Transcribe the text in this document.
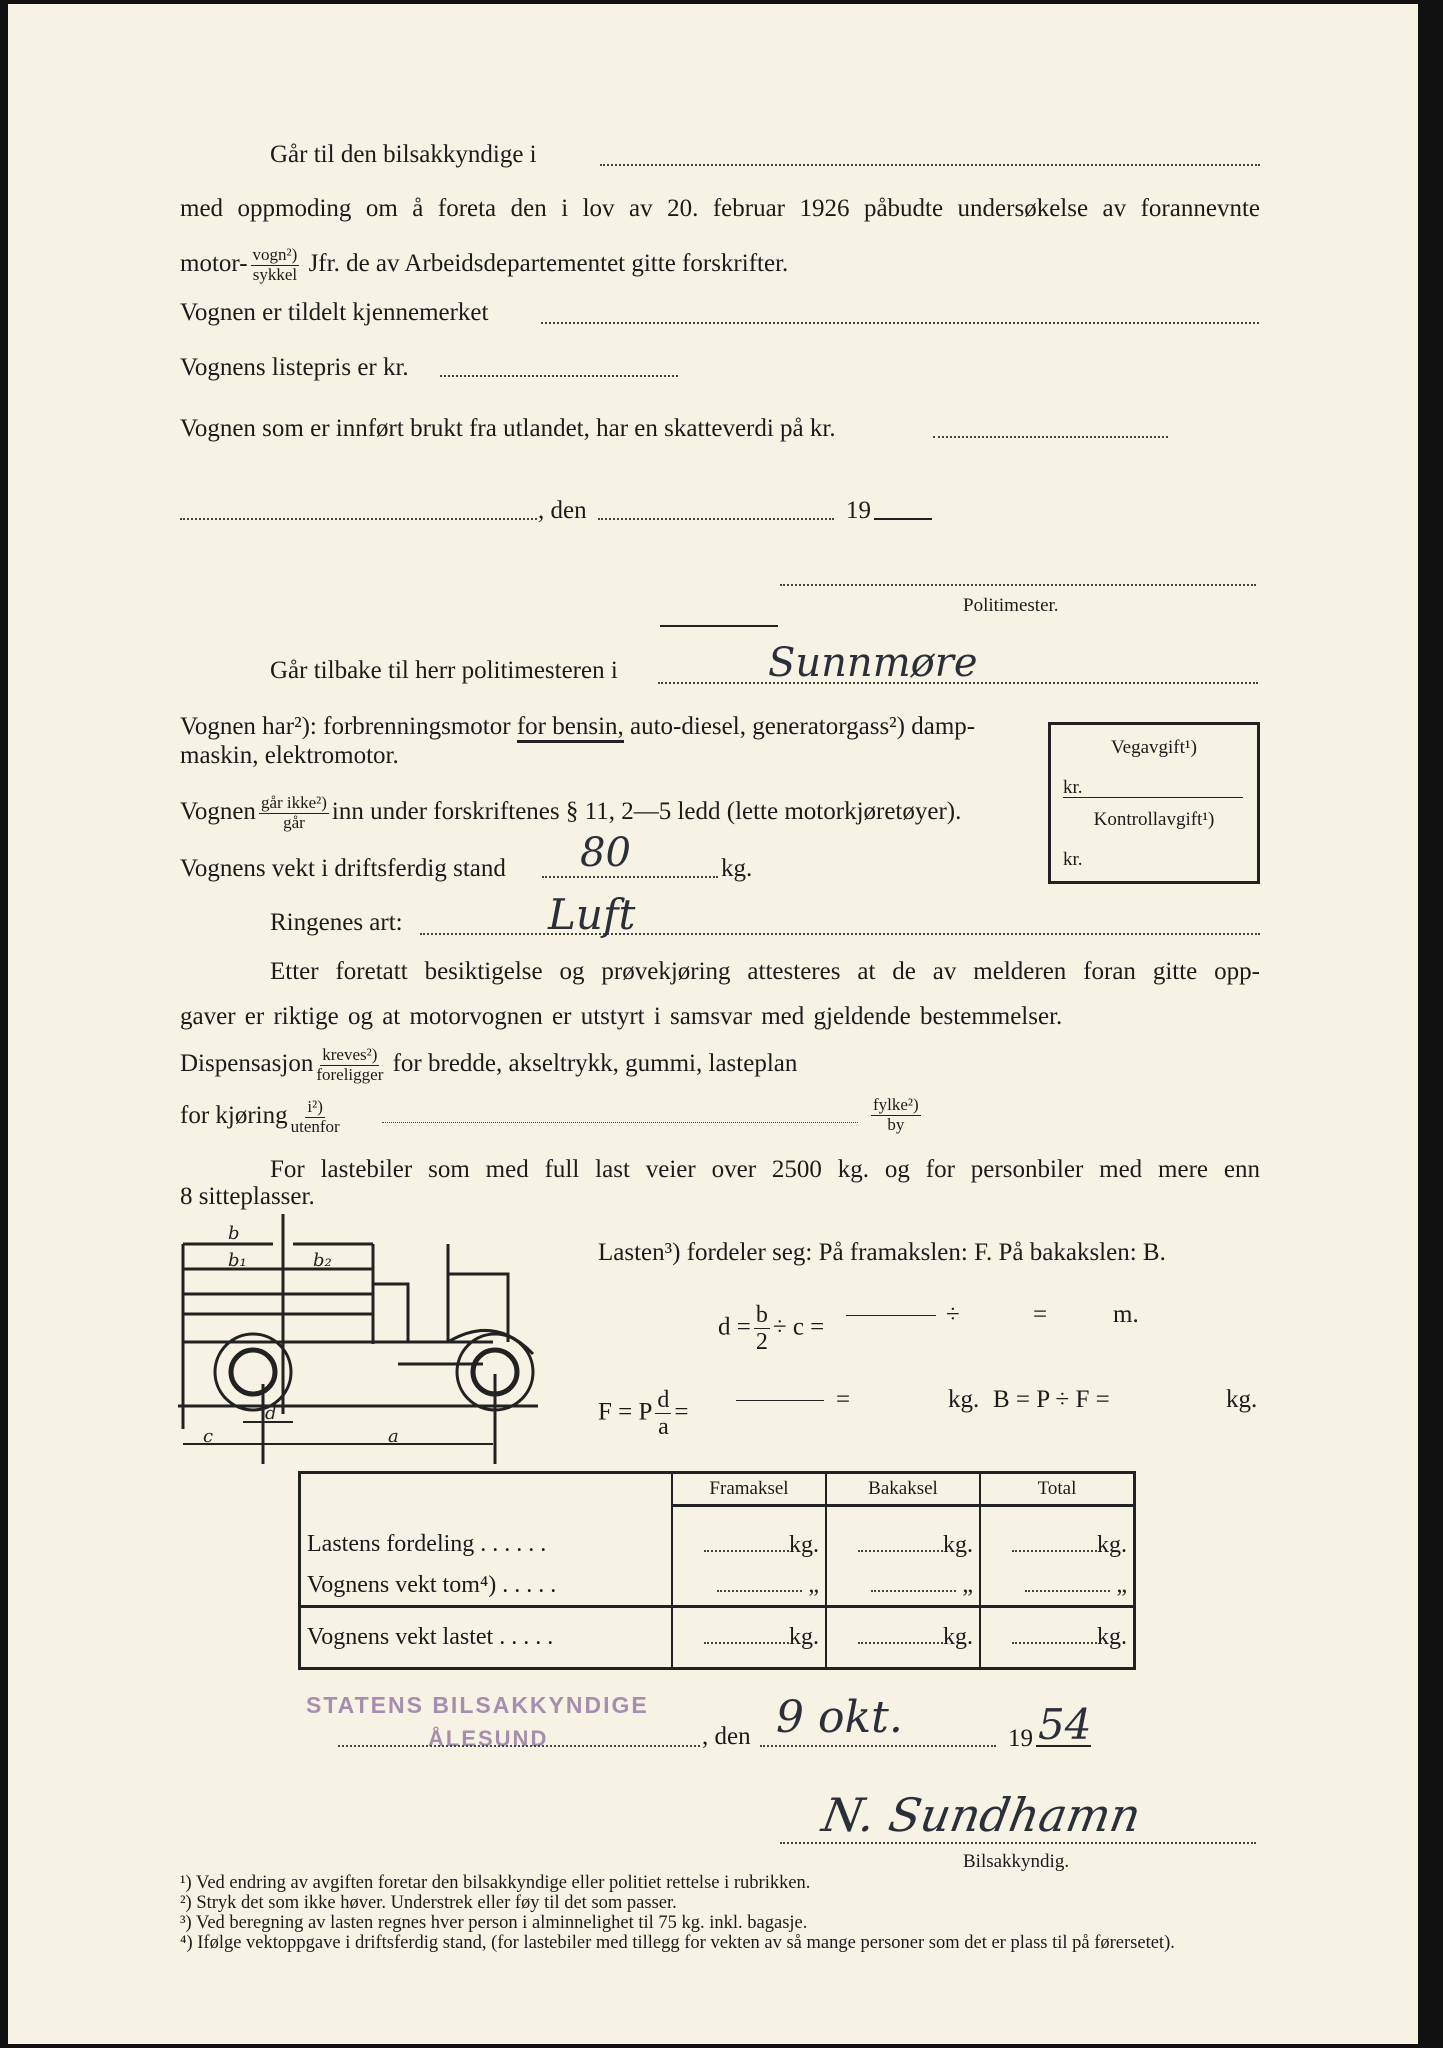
Går til den bilsakkyndige i
med oppmoding om å foreta den i lov av 20. februar 1926 påbudte undersøkelse av forannevnte
motor- $\frac{\text{vogn²)}}{\text{sykkel}}$ Jfr. de av Arbeidsdepartementet gitte forskrifter.
Vognen er tildelt kjennemerket
Vognens listepris er kr.
Vognen som er innført brukt fra utlandet, har en skatteverdi på kr.
, den	19
Politimester.
Går tilbake til herr politimesteren i	Sunnmøre
Vognen har²): forbrenningsmotor for bensin, auto-diesel, generatorgass²) damp-
maskin, elektromotor.	Vegavgift¹)
kr.
Kontrollavgift¹)
kr.
Vognen $\frac{\text{går ikke²)}}{\text{går}}$ inn under forskriftenes § 11, 2—5 ledd (lette motorkjøretøyer).
Vognens vekt i driftsferdig stand 80	kg.
Ringenes art:	Luft
Etter foretatt besiktigelse og prøvekjøring attesteres at de av melderen foran gitte opp-
gaver er riktige og at motorvognen er utstyrt i samsvar med gjeldende bestemmelser.
Dispensasjon $\frac{\text{kreves²)}}{\text{foreligger}}$ for bredde, akseltrykk, gummi, lasteplan
for kjøring $\frac{\text{i²)}}{\text{utenfor}}$	$\frac{\text{fylke²)}}{by}$
For lastebiler som med full last veier over 2500 kg. og for personbiler med mere enn
8 sitteplasser.
b
b₁	b₂
d
c	a
Lasten³) fordeler seg: På framakslen: F. På bakakslen: B.
$d = \frac{b}{2} \div c$ =	÷	=	m.
F = P $\frac{d}{a}$ =	=	kg. B = P ÷ F =	kg.
	Framaksel	Bakaksel	Total
Lastens fordeling . . . . . .	kg.	kg.	kg.
Vognens vekt tom⁴) . . . . .	„	„	„
Vognens vekt lastet . . . . .	kg.	kg.	kg.
STATENS BILSAKKYNDIGE
ÅLESUND	, den 9 okt.	19 54
N. Sundhamn
Bilsakkyndig.
¹) Ved endring av avgiften foretar den bilsakkyndige eller politiet rettelse i rubrikken.
²) Stryk det som ikke høver. Understrek eller føy til det som passer.
³) Ved beregning av lasten regnes hver person i alminnelighet til 75 kg. inkl. bagasje.
⁴) Ifølge vektoppgave i driftsferdig stand, (for lastebiler med tillegg for vekten av så mange personer som det er plass til på førersetet).
